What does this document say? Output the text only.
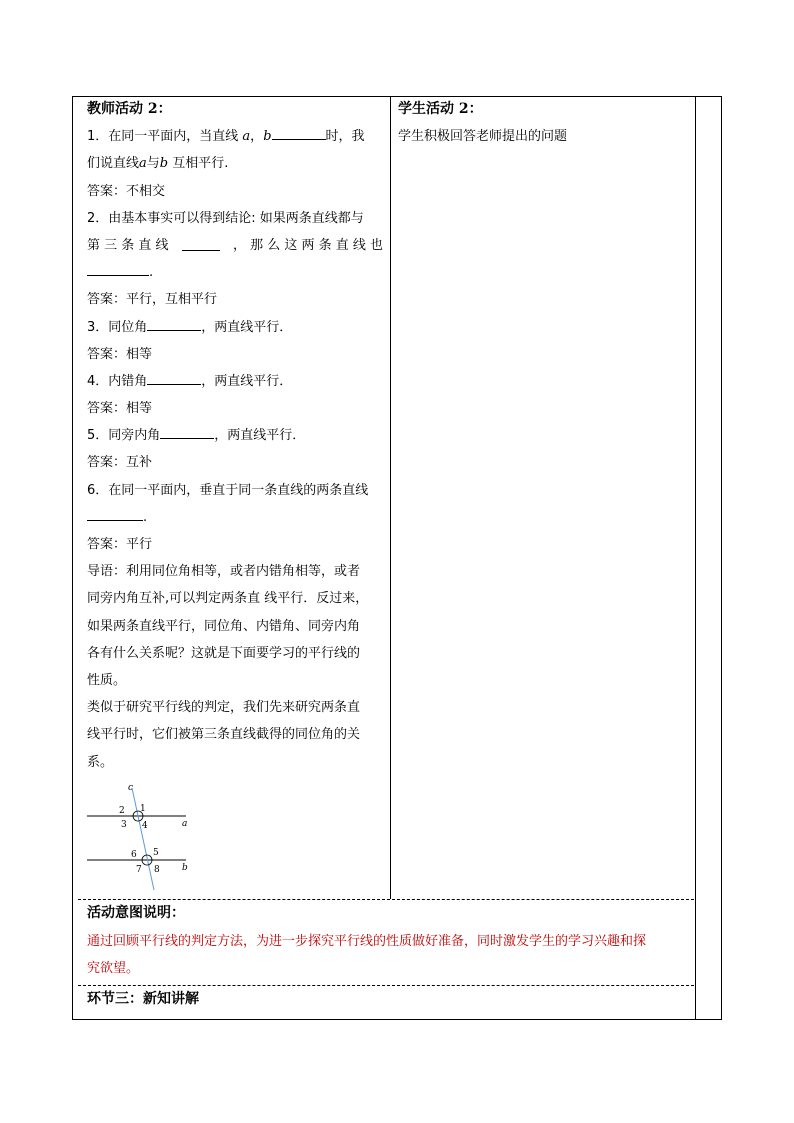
教师活动 2：
1．在同一平面内，当直线 a，b	时，我
们说直线a与b 互相平行.
答案：不相交
2．由基本事实可以得到结论: 如果两条直线都与
第 三 条 直 线	， 那 么 这 两 条 直 线 也
.
答案：平行，互相平行
3．同位角	，两直线平行．
答案：相等
4．内错角	，两直线平行．
答案：相等
5．同旁内角	，两直线平行．
答案：互补
6．在同一平面内，垂直于同一条直线的两条直线
.
答案：平行
导语：利用同位角相等，或者内错角相等，或者
同旁内角互补,可以判定两条直 线平行．反过来，
如果两条直线平行，同位角、内错角、同旁内角
各有什么关系呢？这就是下面要学习的平行线的
性质。
类似于研究平行线的判定，我们先来研究两条直
线平行时，它们被第三条直线截得的同位角的关
系。
c
a
b
1
2
3 4
5
6
7 8
学生活动 2：
学生积极回答老师提出的问题
活动意图说明：
通过回顾平行线的判定方法，为进一步探究平行线的性质做好准备，同时激发学生的学习兴趣和探
究欲望。
环节三：新知讲解
